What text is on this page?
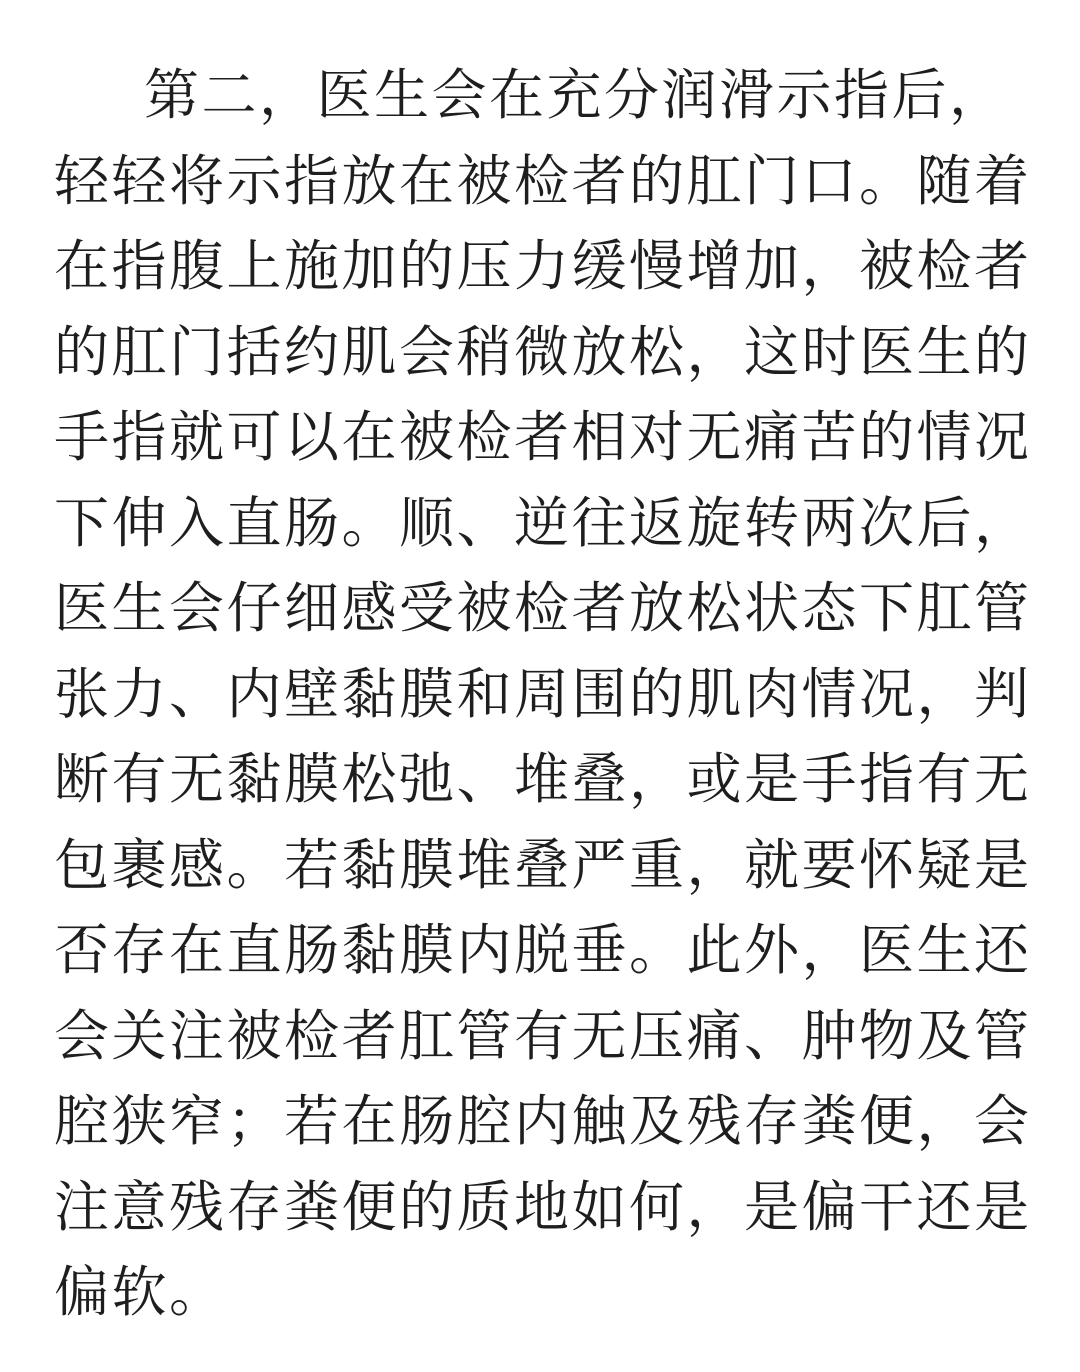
第二，医生会在充分润滑示指后，
轻轻将示指放在被检者的肛门口。随着
在指腹上施加的压力缓慢增加，被检者
的肛门括约肌会稍微放松，这时医生的
手指就可以在被检者相对无痛苦的情况
下伸入直肠。顺、逆往返旋转两次后，
医生会仔细感受被检者放松状态下肛管
张力、内壁黏膜和周围的肌肉情况，判
断有无黏膜松弛、堆叠，或是手指有无
包裹感。若黏膜堆叠严重，就要怀疑是
否存在直肠黏膜内脱垂。此外，医生还
会关注被检者肛管有无压痛、肿物及管
腔狭窄；若在肠腔内触及残存粪便，会
注意残存粪便的质地如何，是偏干还是
偏软。
